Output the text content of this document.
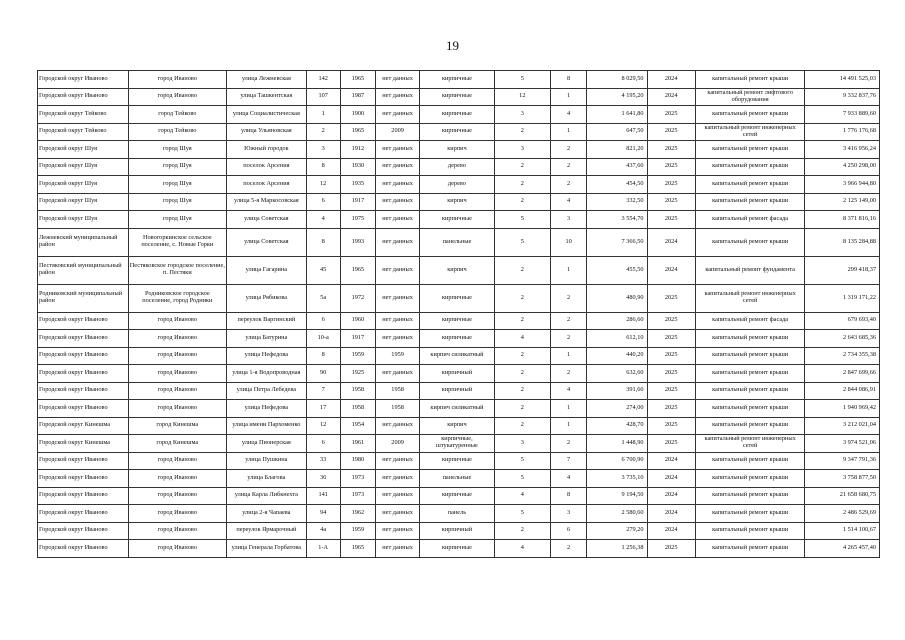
19
Городской округ Иваново	город Иваново	улица Лежневская	142	1965	нет данных	кирпичные	5	8	8 029,50	2024	капитальный ремонт крыши	14 491 525,03
Городской округ Иваново	город Иваново	улица Ташкентская	107	1987	нет данных	кирпичные	12	1	4 195,20	2024	капитальный ремонт лифтового оборудования	9 332 837,76
Городской округ Тейково	город Тейково	улица Социалистическая	1	1900	нет данных	кирпичные	3	4	1 641,80	2025	капитальный ремонт крыши	7 933 889,60
Городской округ Тейково	город Тейково	улица Ульяновская	2	1965	2009	кирпичные	2	1	647,50	2025	капитальный ремонт инженерных сетей	1 776 176,68
Городской округ Шуя	город Шуя	Южный городок	3	1912	нет данных	кирпич	3	2	821,20	2025	капитальный ремонт крыши	3 416 956,24
Городской округ Шуя	город Шуя	поселок Арсения	8	1930	нет данных	дерево	2	2	437,60	2025	капитальный ремонт крыши	4 250 298,00
Городской округ Шуя	город Шуя	поселок Арсения	12	1935	нет данных	дерево	2	2	454,50	2025	капитальный ремонт крыши	3 966 944,80
Городской округ Шуя	город Шуя	улица 5-я Маркосовская	6	1917	нет данных	кирпич	2	4	332,50	2025	капитальный ремонт крыши	2 125 149,00
Городской округ Шуя	город Шуя	улица Советская	4	1975	нет данных	кирпичные	5	3	3 554,70	2025	капитальный ремонт фасада	8 371 816,16
Лежневский муниципальный район	Новогоркинское сельское поселение, с. Новые Горки	улица Советская	8	1993	нет данных	панельные	5	10	7 366,50	2024	капитальный ремонт крыши	8 135 284,88
Пестяковский муниципальный район	Пестяковское городское поселение, п. Пестяки	улица Гагарина	45	1965	нет данных	кирпич	2	1	455,50	2024	капитальный ремонт фундамента	299 418,37
Родниковский муниципальный район	Родниковское городское поселение, город Родники	улица Рябикова	5а	1972	нет данных	кирпичные	2	2	480,90	2025	капитальный ремонт инженерных сетей	1 319 171,22
Городской округ Иваново	город Иваново	переулок Варгинский	6	1960	нет данных	кирпичные	2	2	286,60	2025	капитальный ремонт фасада	679 693,40
Городской округ Иваново	город Иваново	улица Батурина	10-а	1917	нет данных	кирпичные	4	2	612,10	2025	капитальный ремонт крыши	2 643 685,36
Городской округ Иваново	город Иваново	улица Нефедова	8	1959	1959	кирпич силикатный	2	1	440,20	2025	капитальный ремонт крыши	2 734 355,38
Городской округ Иваново	город Иваново	улица 1-я Водопроводная	90	1925	нет данных	кирпичный	2	2	632,60	2025	капитальный ремонт крыши	2 847 699,66
Городской округ Иваново	город Иваново	улица Петра Лебедева	7	1958	1958	кирпичный	2	4	391,60	2025	капитальный ремонт крыши	2 844 086,91
Городской округ Иваново	город Иваново	улица Нефедова	17	1958	1958	кирпич силикатный	2	1	274,00	2025	капитальный ремонт крыши	1 940 969,42
Городской округ Кинешма	город Кинешма	улица имени Пархоменко	12	1954	нет данных	кирпич	2	1	428,70	2025	капитальный ремонт крыши	3 212 021,04
Городской округ Кинешма	город Кинешма	улица Пионерская	6	1961	2009	кирпичные, штукатуренные	3	2	1 448,90	2025	капитальный ремонт инженерных сетей	3 974 521,06
Городской округ Иваново	город Иваново	улица Пушкина	33	1980	нет данных	кирпичные	5	7	6 700,90	2024	капитальный ремонт крыши	9 347 791,36
Городской округ Иваново	город Иваново	улица Благова	36	1973	нет данных	панельные	5	4	3 735,10	2024	капитальный ремонт крыши	3 758 877,50
Городской округ Иваново	город Иваново	улица Карла Либкнехта	141	1973	нет данных	кирпичные	4	8	9 194,50	2024	капитальный ремонт крыши	21 658 680,75
Городской округ Иваново	город Иваново	улица 2-я Чапаева	94	1962	нет данных	панель	5	3	2 580,60	2024	капитальный ремонт крыши	2 486 529,69
Городской округ Иваново	город Иваново	переулок Ярмарочный	4а	1959	нет данных	кирпичный	2	6	279,20	2024	капитальный ремонт крыши	1 514 100,67
Городской округ Иваново	город Иваново	улица Генерала Горбатова	1-А	1965	нет данных	кирпичные	4	2	1 256,38	2025	капитальный ремонт крыши	4 265 457,40
